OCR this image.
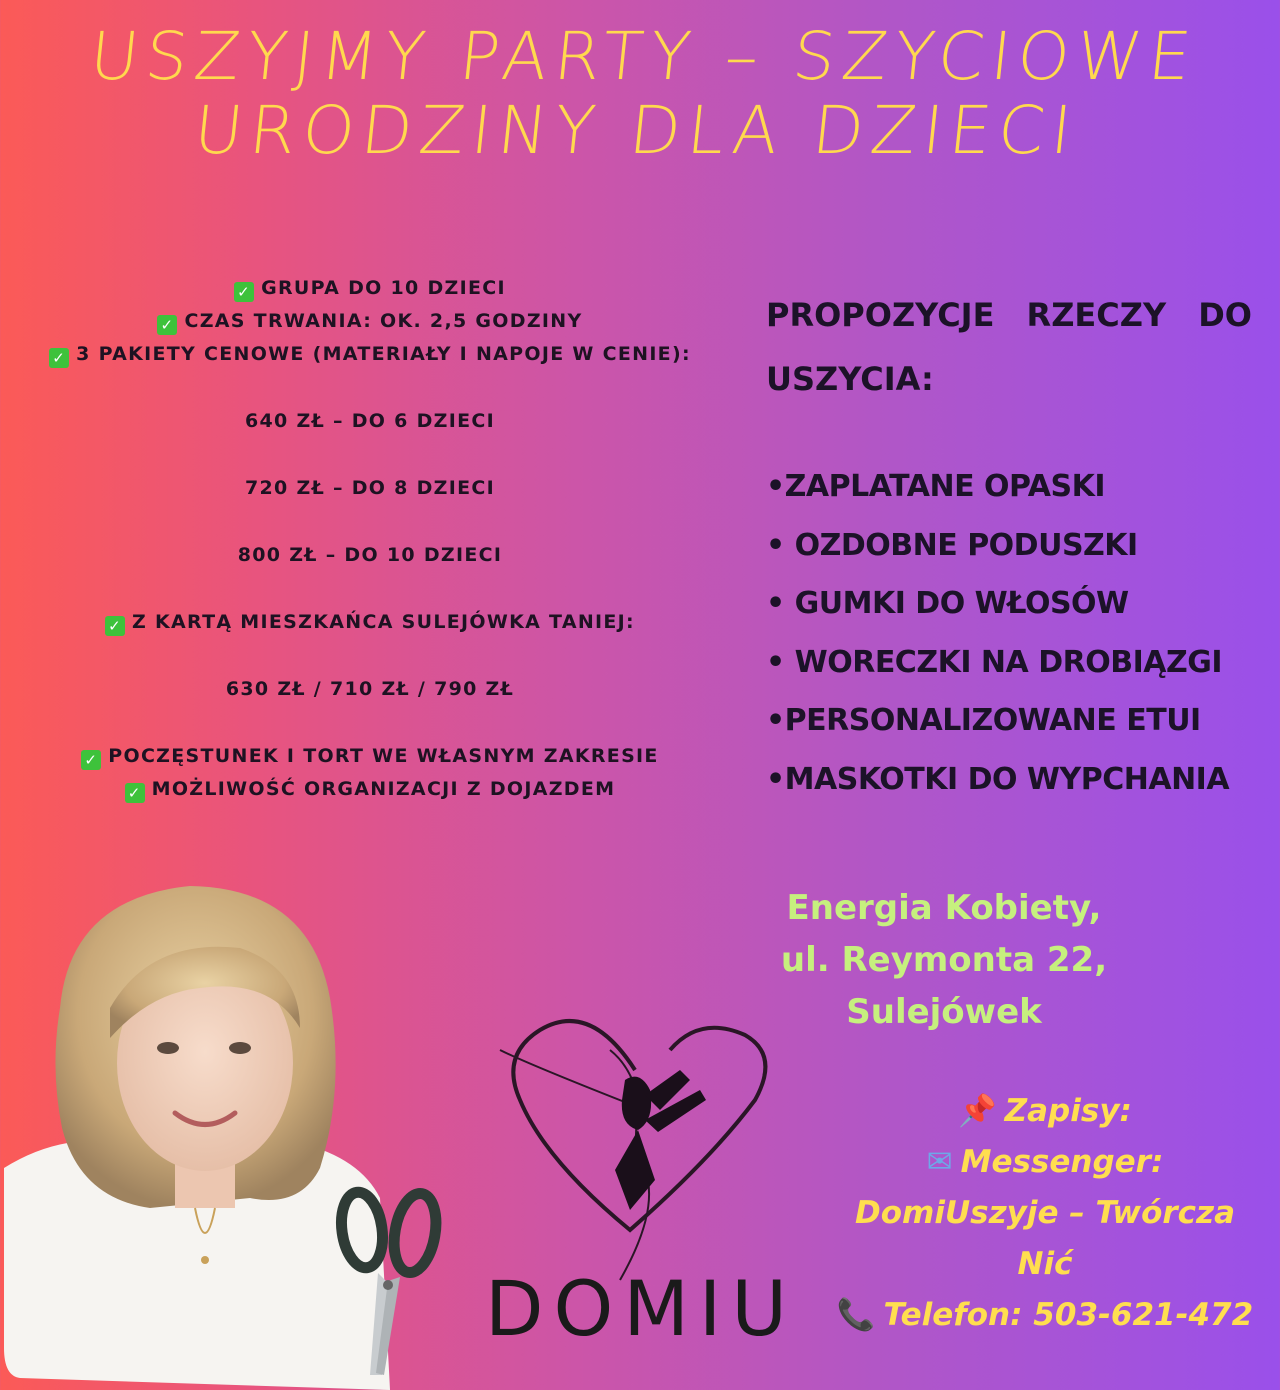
USZYJMY PARTY – SZYCIOWE
URODZINY DLA DZIECI
✓ GRUPA DO 10 DZIECI
✓ CZAS TRWANIA: OK. 2,5 GODZINY
✓ 3 PAKIETY CENOWE (MATERIAŁY I NAPOJE W CENIE):
640 ZŁ – DO 6 DZIECI
720 ZŁ – DO 8 DZIECI
800 ZŁ – DO 10 DZIECI
✓ Z KARTĄ MIESZKAŃCA SULEJÓWKA TANIEJ:
630 ZŁ / 710 ZŁ / 790 ZŁ
✓ POCZĘSTUNEK I TORT WE WŁASNYM ZAKRESIE
✓ MOŻLIWOŚĆ ORGANIZACJI Z DOJAZDEM
PROPOZYCJE RZECZY DO USZYCIA:
•ZAPLATANE OPASKI
• OZDOBNE PODUSZKI
• GUMKI DO WŁOSÓW
• WORECZKI NA DROBIĄZGI
•PERSONALIZOWANE ETUI
•MASKOTKI DO WYPCHANIA
Energia Kobiety,
ul. Reymonta 22,
Sulejówek
📌 Zapisy:
✉ Messenger:
DomiUszyje – Twórcza
Nić
📞 Telefon: 503-621-472
DOMIU
